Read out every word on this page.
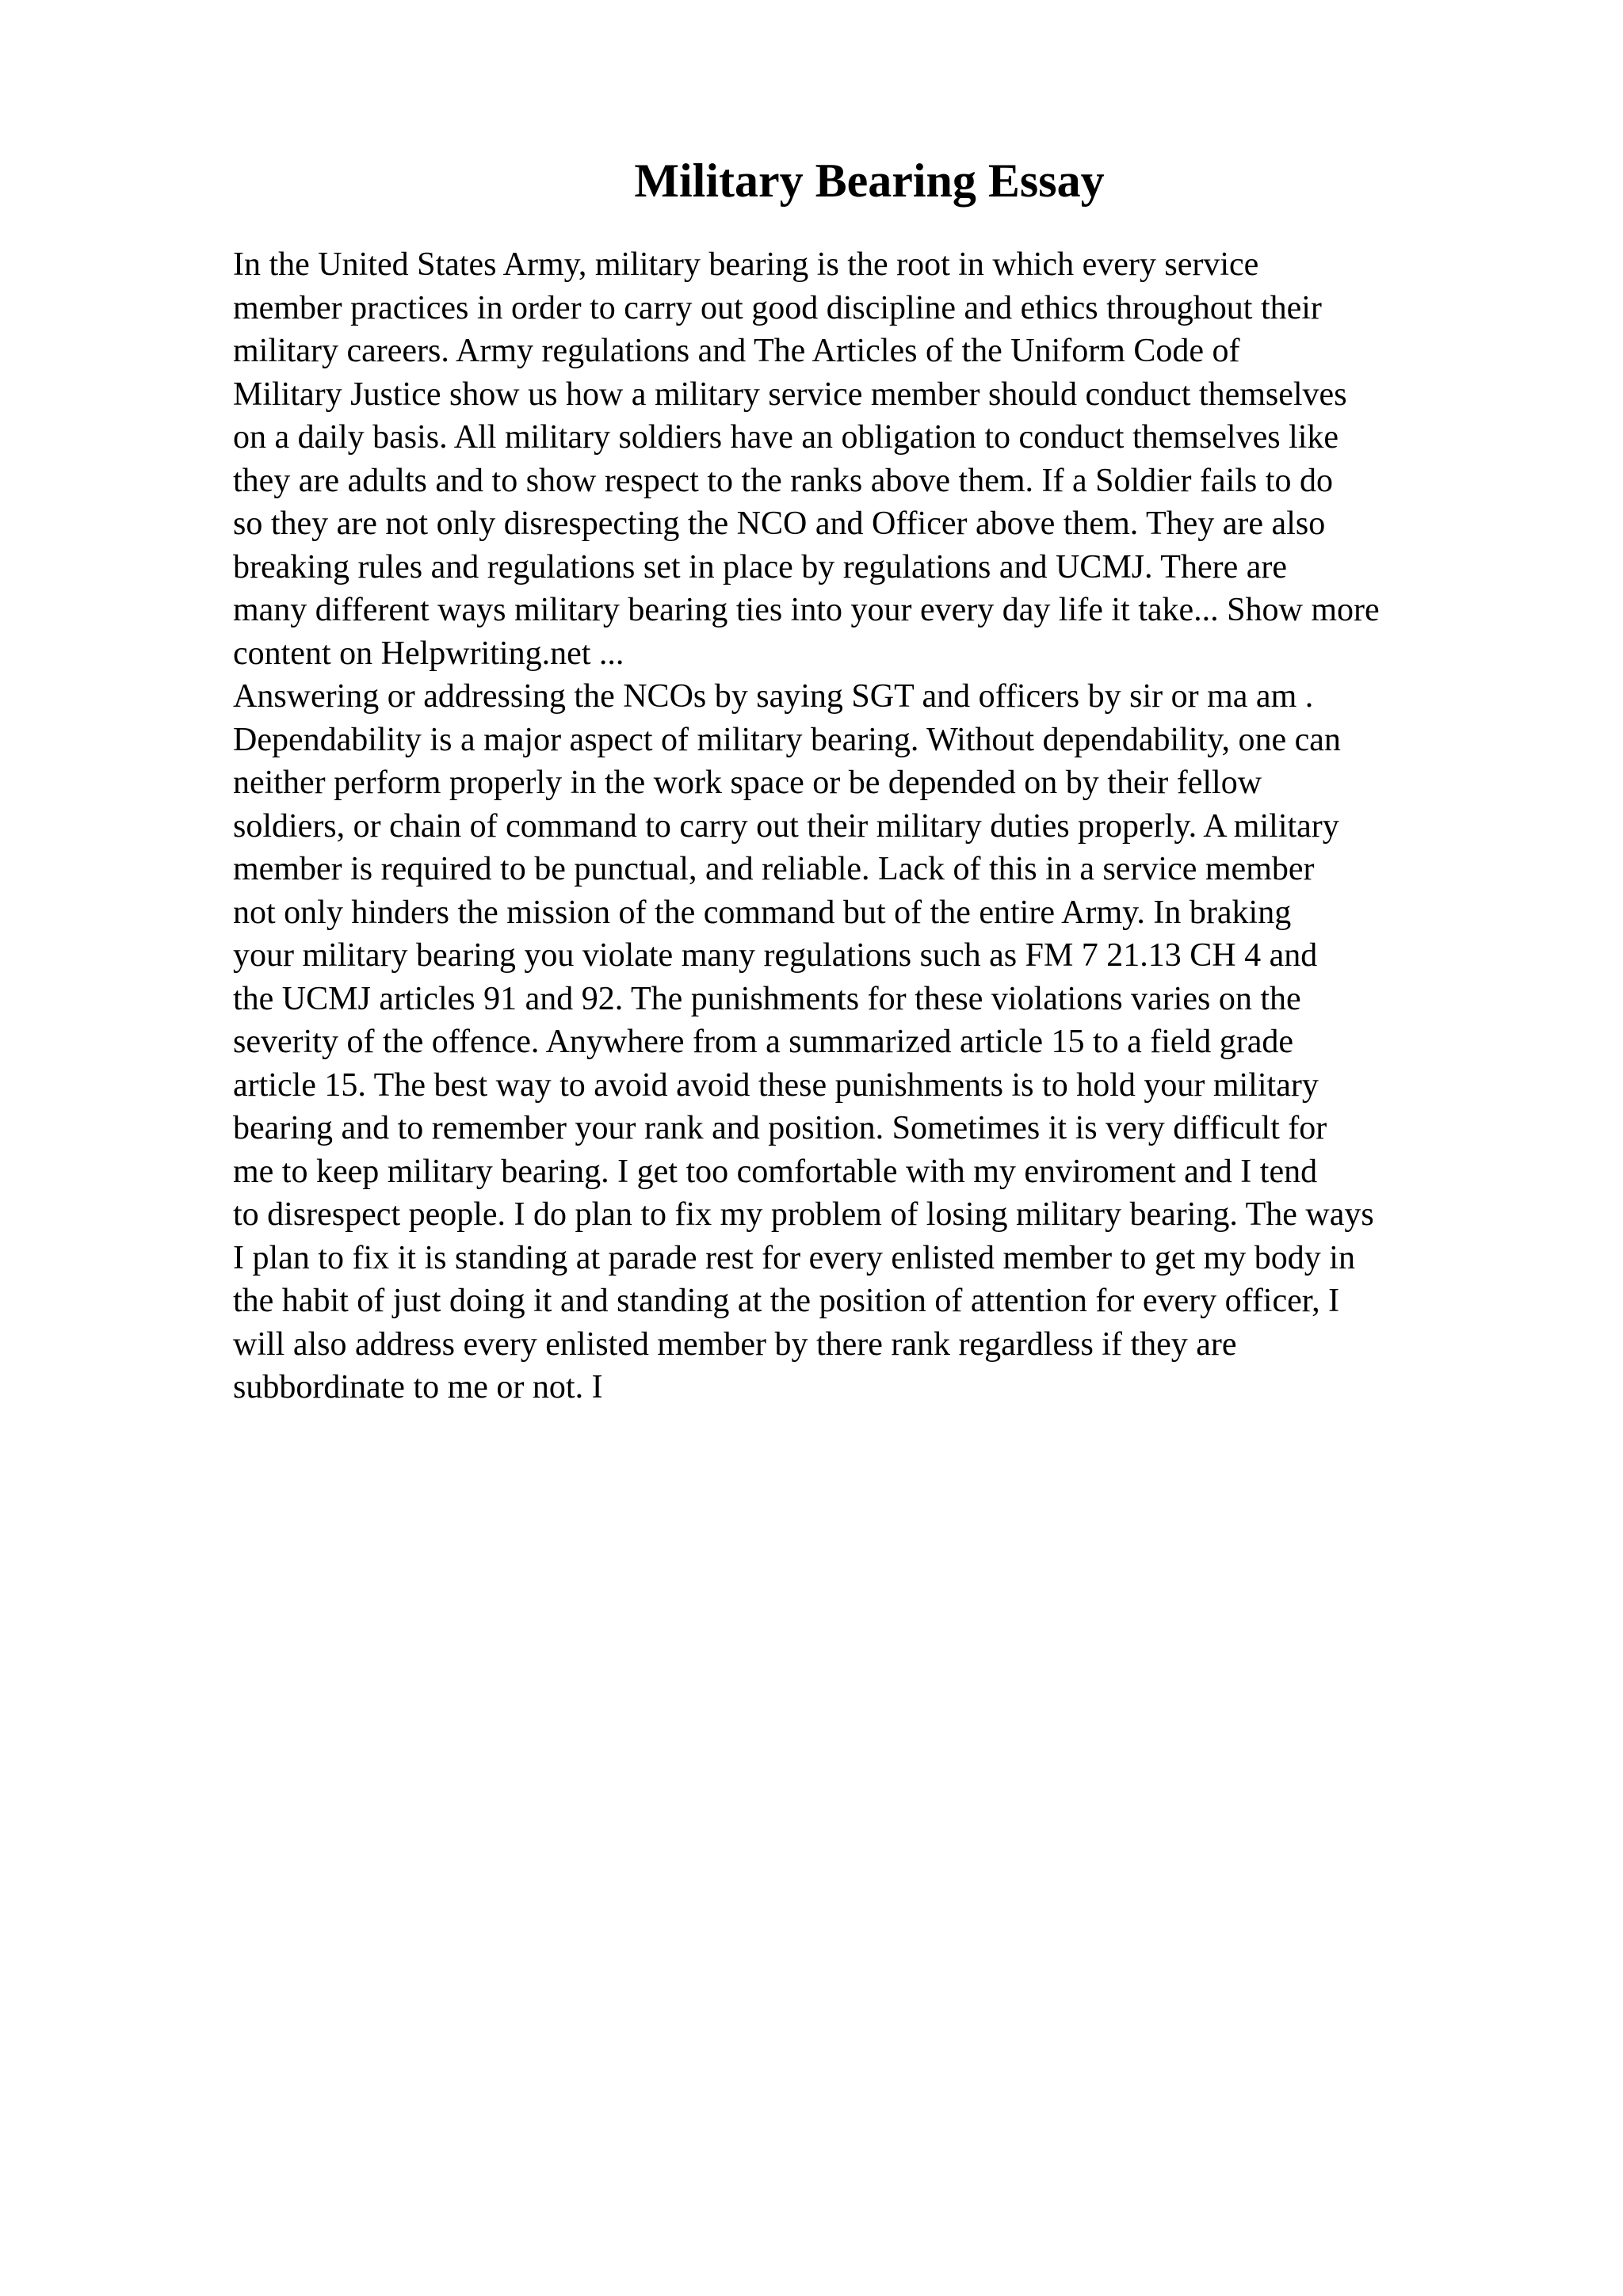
Military Bearing Essay
In the United States Army, military bearing is the root in which every service
member practices in order to carry out good discipline and ethics throughout their
military careers. Army regulations and The Articles of the Uniform Code of
Military Justice show us how a military service member should conduct themselves
on a daily basis. All military soldiers have an obligation to conduct themselves like
they are adults and to show respect to the ranks above them. If a Soldier fails to do
so they are not only disrespecting the NCO and Officer above them. They are also
breaking rules and regulations set in place by regulations and UCMJ. There are
many different ways military bearing ties into your every day life it take... Show more
content on Helpwriting.net ...
Answering or addressing the NCOs by saying SGT and officers by sir or ma am .
Dependability is a major aspect of military bearing. Without dependability, one can
neither perform properly in the work space or be depended on by their fellow
soldiers, or chain of command to carry out their military duties properly. A military
member is required to be punctual, and reliable. Lack of this in a service member
not only hinders the mission of the command but of the entire Army. In braking
your military bearing you violate many regulations such as FM 7 21.13 CH 4 and
the UCMJ articles 91 and 92. The punishments for these violations varies on the
severity of the offence. Anywhere from a summarized article 15 to a field grade
article 15. The best way to avoid avoid these punishments is to hold your military
bearing and to remember your rank and position. Sometimes it is very difficult for
me to keep military bearing. I get too comfortable with my enviroment and I tend
to disrespect people. I do plan to fix my problem of losing military bearing. The ways
I plan to fix it is standing at parade rest for every enlisted member to get my body in
the habit of just doing it and standing at the position of attention for every officer, I
will also address every enlisted member by there rank regardless if they are
subbordinate to me or not. I
